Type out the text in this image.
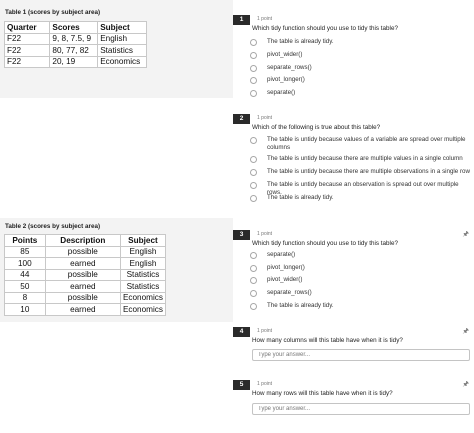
Table 1 (scores by subject area)
Quarter	Scores	Subject
F22	9, 8, 7.5, 9	English
F22	80, 77, 82	Statistics
F22	20, 19	Economics
Table 2 (scores by subject area)
Points	Description	Subject
85	possible	English
100	earned	English
44	possible	Statistics
50	earned	Statistics
8	possible	Economics
10	earned	Economics
1	1 point
Which tidy function should you use to tidy this table?
The table is already tidy.
pivot_wider()
separate_rows()
pivot_longer()
separate()
2	1 point
Which of the following is true about this table?
The table is untidy because values of a variable are spread over multiple columns
The table is untidy because there are multiple values in a single column
The table is untidy because there are multiple observations in a single row
The table is untidy because an observation is spread out over multiple rows.
The table is already tidy.
3	1 point	🖈
Which tidy function should you use to tidy this table?
separate()
pivot_longer()
pivot_wider()
separate_rows()
The table is already tidy.
4	1 point	🖈
How many columns will this table have when it is tidy?
Type your answer...
5	1 point	🖈
How many rows will this table have when it is tidy?
Type your answer...
